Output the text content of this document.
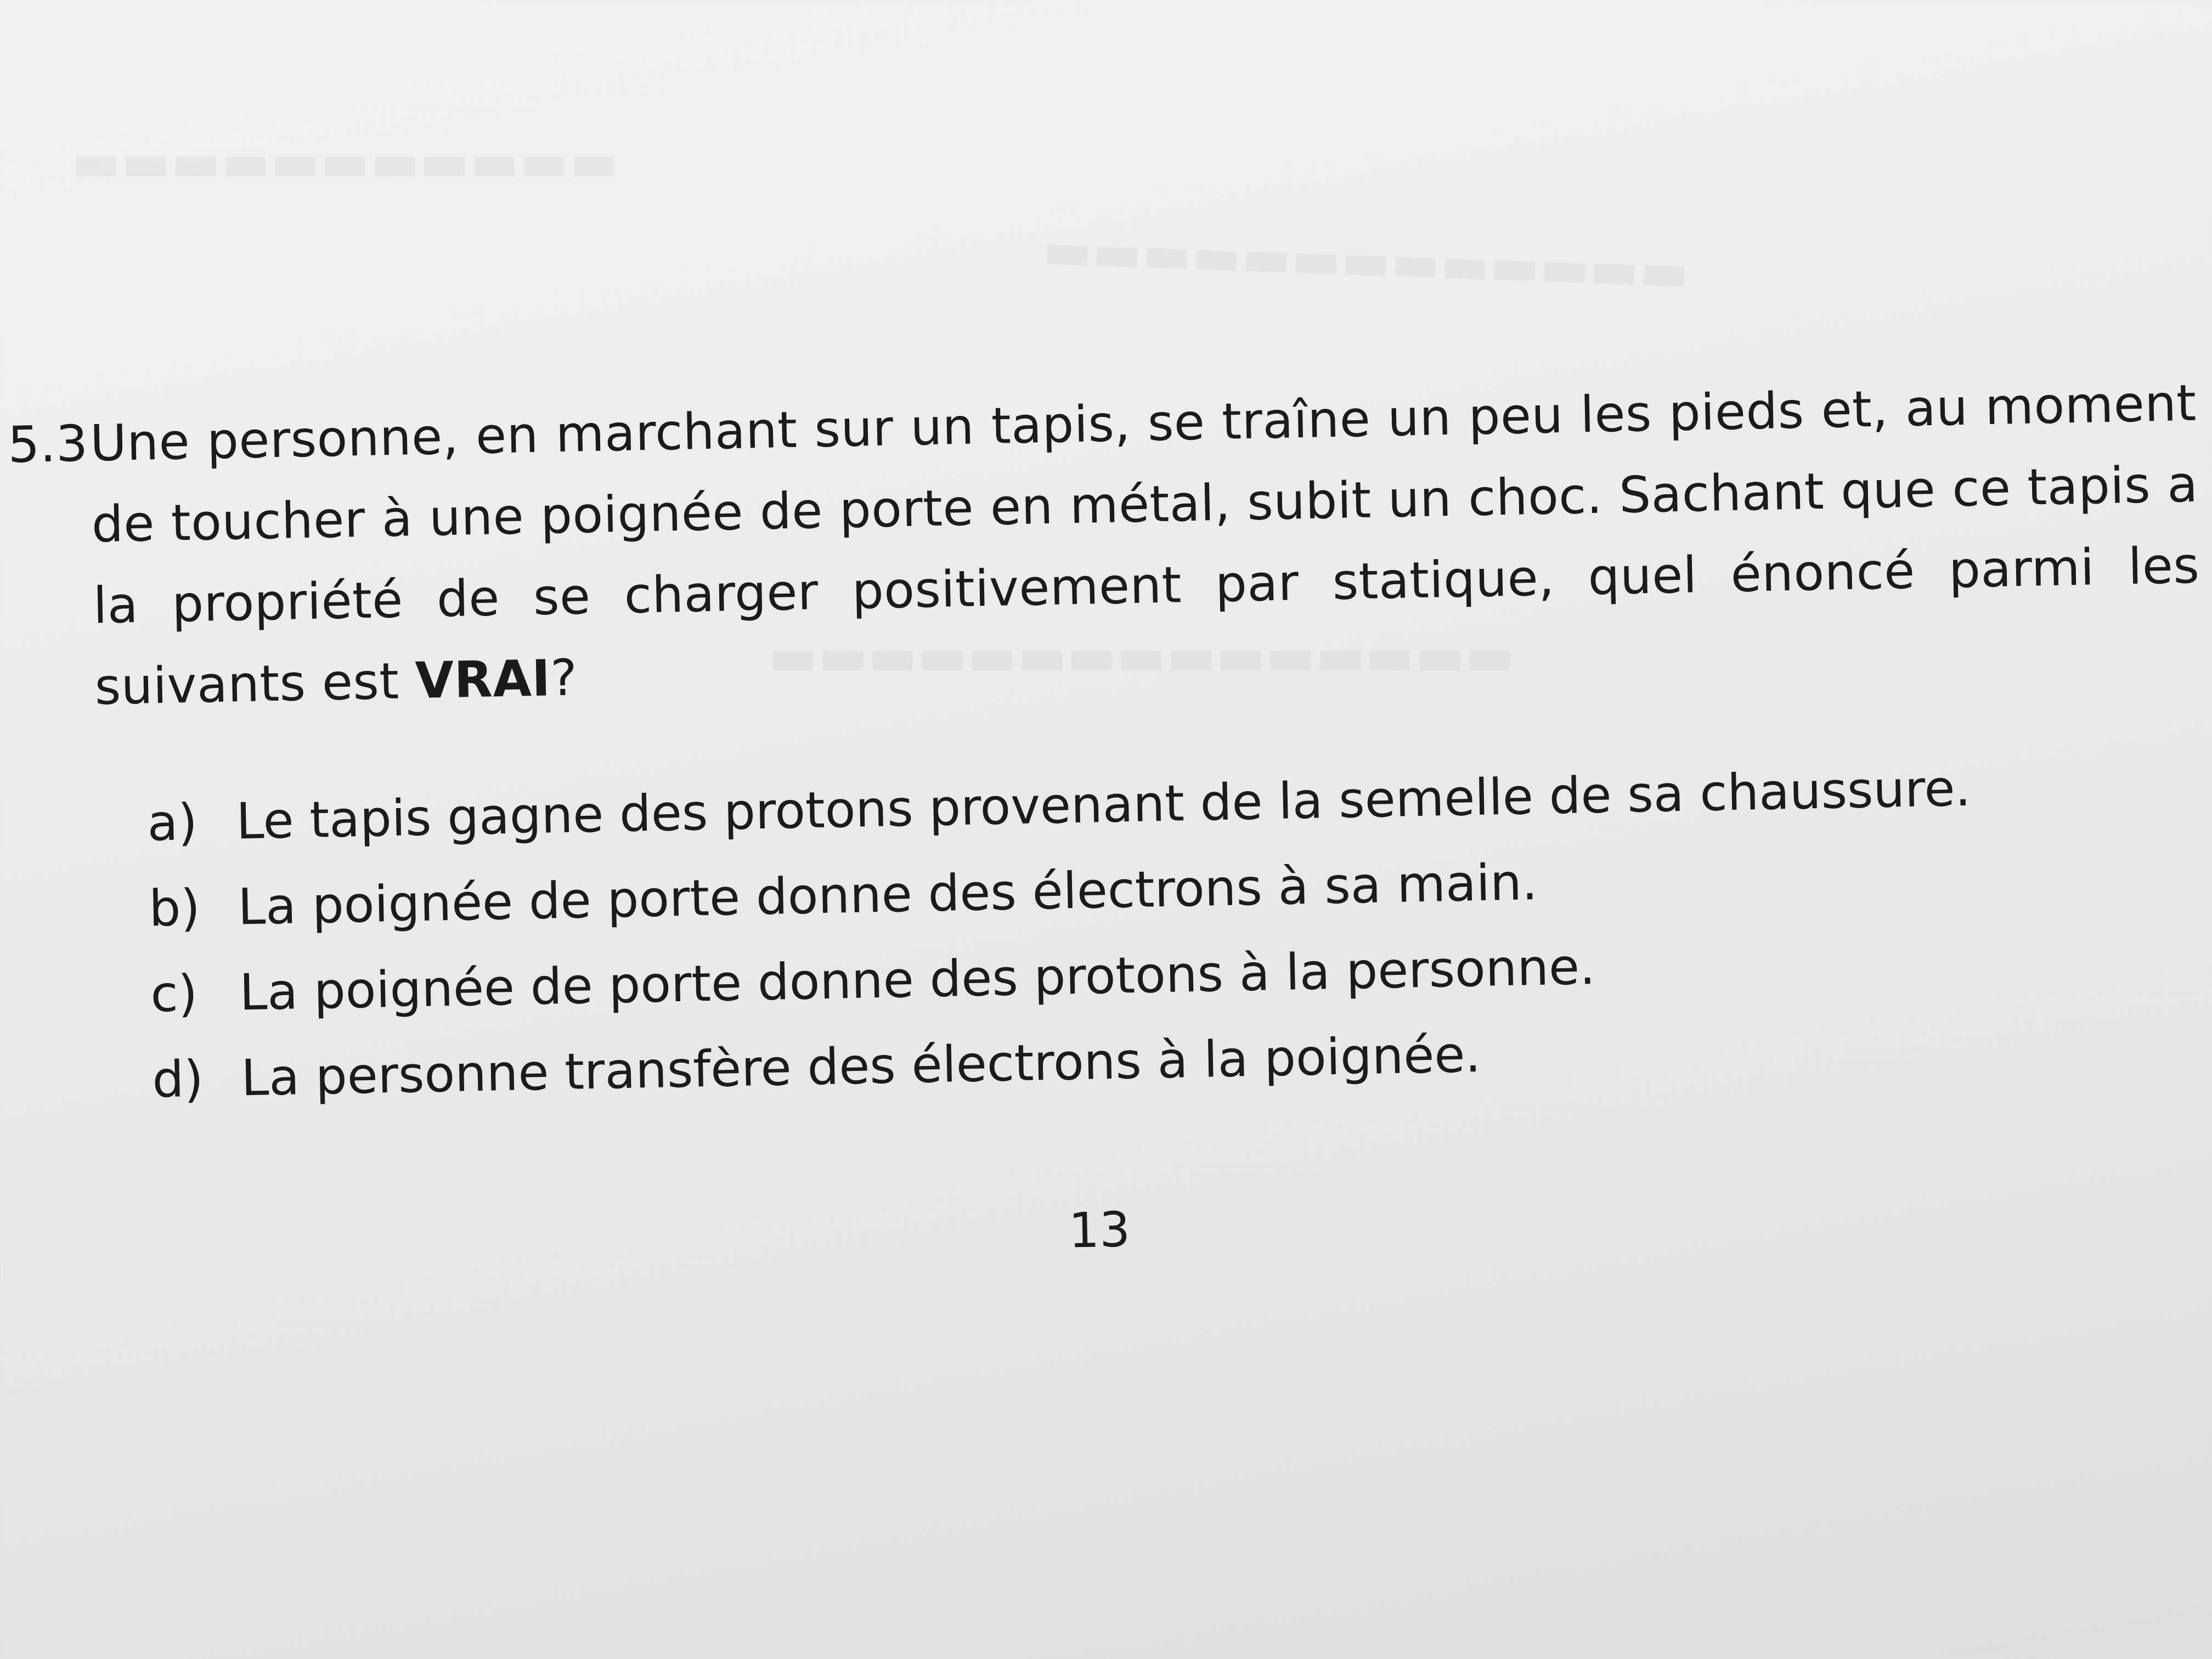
▬▬▬▬▬▬▬▬▬▬▬
▬▬▬▬▬▬▬▬▬▬▬▬▬
▬▬▬▬▬▬▬▬▬▬▬▬▬▬▬
5.3 Une personne, en marchant sur un tapis, se traîne un peu les pieds et, au moment de toucher à une poignée de porte en métal, subit un choc. Sachant que ce tapis a la propriété de se charger positivement par statique, quel énoncé parmi les suivants est VRAI?
a) Le tapis gagne des protons provenant de la semelle de sa chaussure.
b) La poignée de porte donne des électrons à sa main.
c) La poignée de porte donne des protons à la personne.
d) La personne transfère des électrons à la poignée.
13
